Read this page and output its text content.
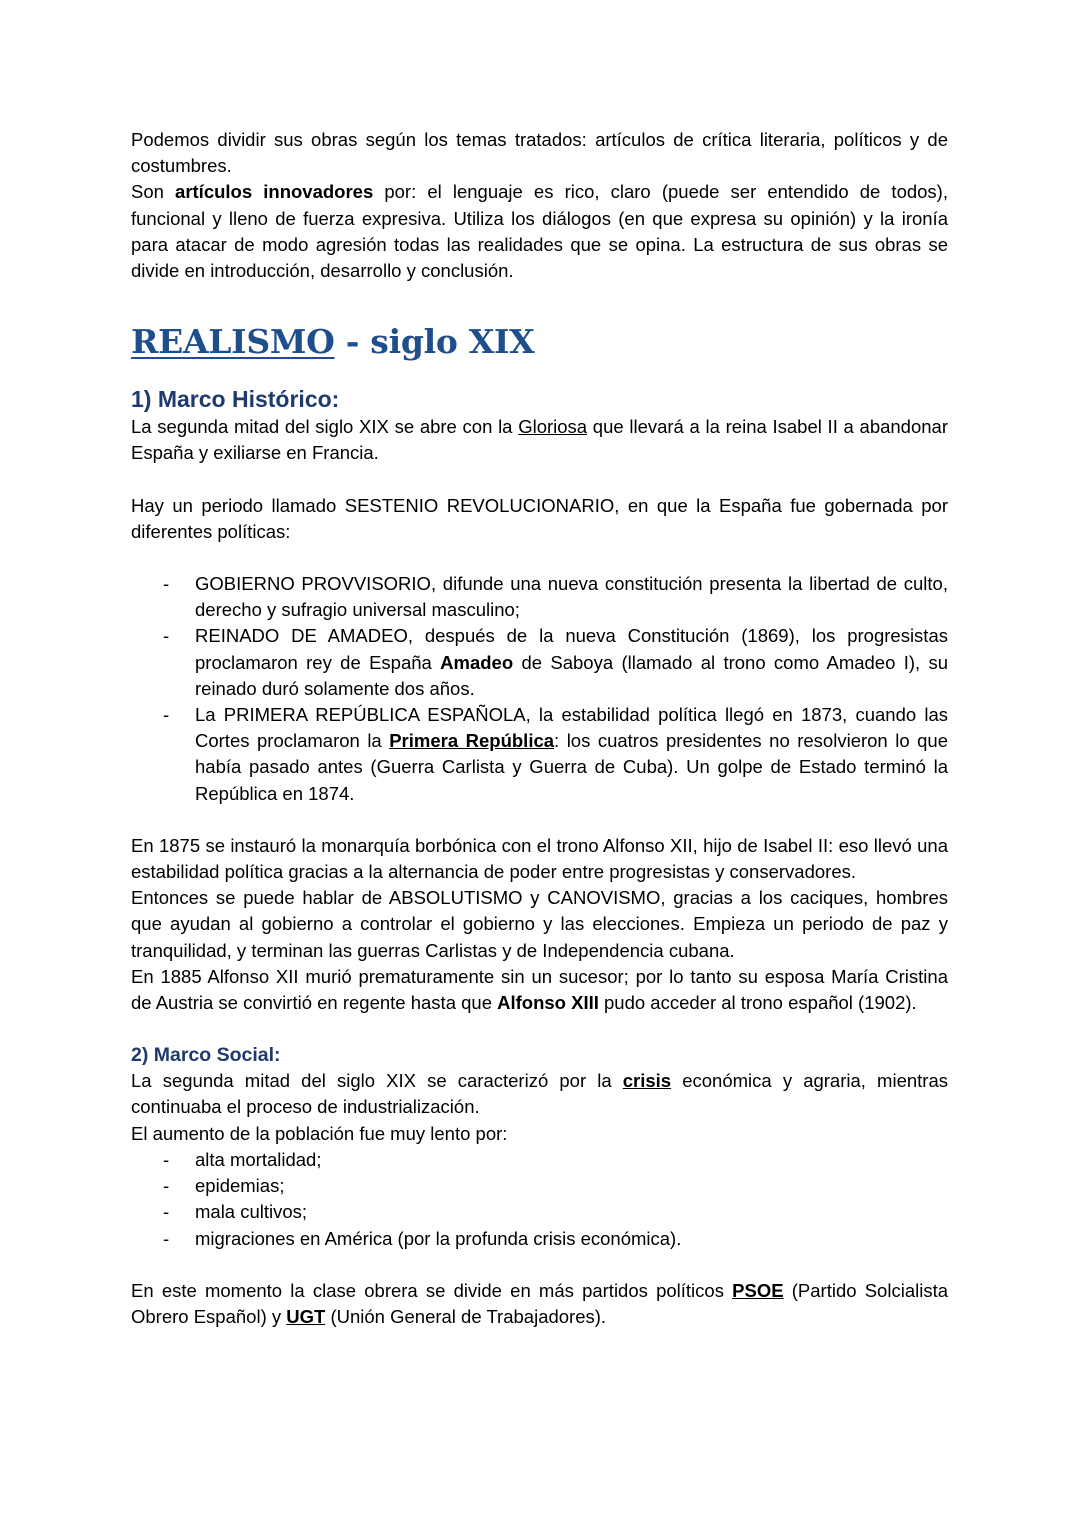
Podemos dividir sus obras según los temas tratados: artículos de crítica literaria, políticos y de costumbres.

Son artículos innovadores por: el lenguaje es rico, claro (puede ser entendido de todos), funcional y lleno de fuerza expresiva. Utiliza los diálogos (en que expresa su opinión) y la ironía para atacar de modo agresión todas las realidades que se opina. La estructura de sus obras se divide en introducción, desarrollo y conclusión.

REALISMO - siglo XIX
1) Marco Histórico:

La segunda mitad del siglo XIX se abre con la Gloriosa que llevará a la reina Isabel II a abandonar España y exiliarse en Francia.

Hay un periodo llamado SESTENIO REVOLUCIONARIO, en que la España fue gobernada por diferentes políticas:

- GOBIERNO PROVVISORIO, difunde una nueva constitución presenta la libertad de culto, derecho y sufragio universal masculino;
- REINADO DE AMADEO, después de la nueva Constitución (1869), los progresistas proclamaron rey de España Amadeo de Saboya (llamado al trono como Amadeo I), su reinado duró solamente dos años.
- La PRIMERA REPÚBLICA ESPAÑOLA, la estabilidad política llegó en 1873, cuando las Cortes proclamaron la Primera República: los cuatros presidentes no resolvieron lo que había pasado antes (Guerra Carlista y Guerra de Cuba). Un golpe de Estado terminó la República en 1874.

En 1875 se instauró la monarquía borbónica con el trono Alfonso XII, hijo de Isabel II: eso llevó una estabilidad política gracias a la alternancia de poder entre progresistas y conservadores.

Entonces se puede hablar de ABSOLUTISMO y CANOVISMO, gracias a los caciques, hombres que ayudan al gobierno a controlar el gobierno y las elecciones. Empieza un periodo de paz y tranquilidad, y terminan las guerras Carlistas y de Independencia cubana.

En 1885 Alfonso XII murió prematuramente sin un sucesor; por lo tanto su esposa María Cristina de Austria se convirtió en regente hasta que Alfonso XIII pudo acceder al trono español (1902).

2) Marco Social:

La segunda mitad del siglo XIX se caracterizó por la crisis económica y agraria, mientras continuaba el proceso de industrialización.

El aumento de la población fue muy lento por:

- alta mortalidad;
- epidemias;
- mala cultivos;
- migraciones en América (por la profunda crisis económica).

En este momento la clase obrera se divide en más partidos políticos PSOE (Partido Solcialista Obrero Español) y UGT (Unión General de Trabajadores).
